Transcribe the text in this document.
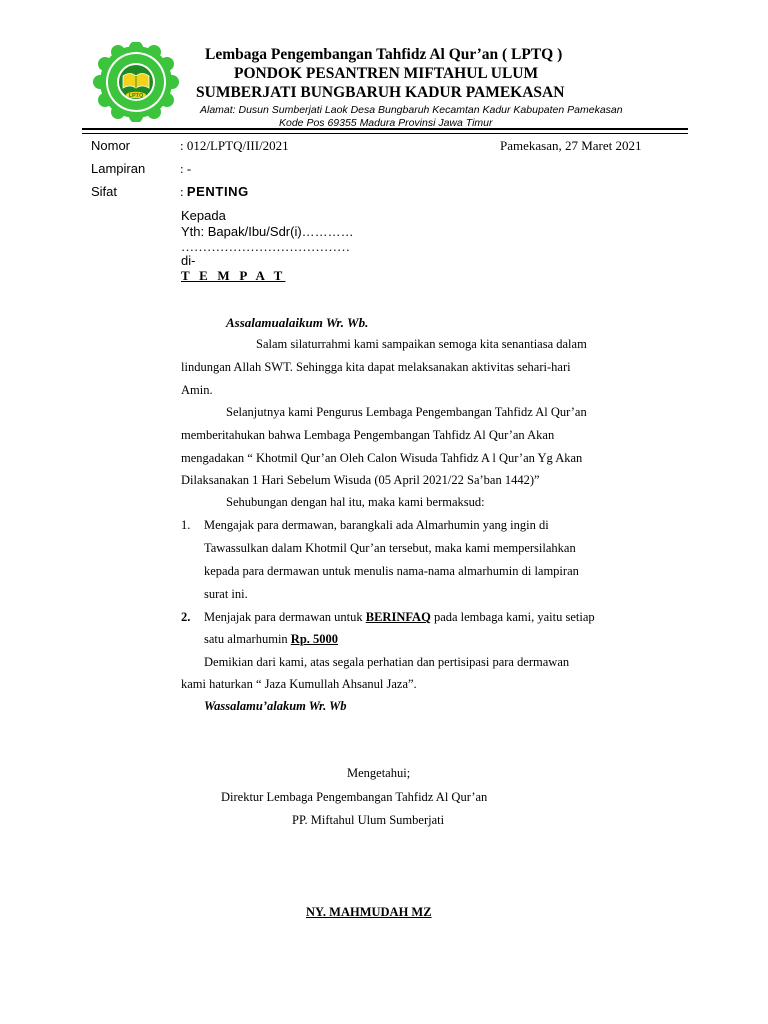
LPTQ
Lembaga Pengembangan Tahfidz Al Qur’an ( LPTQ )
PONDOK PESANTREN MIFTAHUL ULUM
SUMBERJATI BUNGBARUH KADUR PAMEKASAN
Alamat: Dusun Sumberjati Laok Desa Bungbaruh Kecamtan Kadur Kabupaten Pamekasan
Kode Pos 69355 Madura Provinsi Jawa Timur
Nomor	: 012/LPTQ/III/2021	Pamekasan, 27 Maret 2021
Lampiran	: -
Sifat	: PENTING
Kepada
Yth: Bapak/Ibu/Sdr(i)…………
…………………………………
di-
T E M P A T
Assalamualaikum Wr. Wb.
Salam silaturrahmi kami sampaikan semoga kita senantiasa dalam
lindungan Allah SWT. Sehingga kita dapat melaksanakan aktivitas sehari-hari
Amin.
Selanjutnya kami Pengurus Lembaga Pengembangan Tahfidz Al Qur’an
memberitahukan bahwa Lembaga Pengembangan Tahfidz Al Qur’an Akan
mengadakan “ Khotmil Qur’an Oleh Calon Wisuda Tahfidz A l Qur’an Yg Akan
Dilaksanakan 1 Hari Sebelum Wisuda (05 April 2021/22 Sa’ban 1442)”
Sehubungan dengan hal itu, maka kami bermaksud:
1. Mengajak para dermawan, barangkali ada Almarhumin yang ingin di
Tawassulkan dalam Khotmil Qur’an tersebut, maka kami mempersilahkan
kepada para dermawan untuk menulis nama-nama almarhumin di lampiran
surat ini.
2. Menjajak para dermawan untuk BERINFAQ pada lembaga kami, yaitu setiap
satu almarhumin Rp. 5000
Demikian dari kami, atas segala perhatian dan pertisipasi para dermawan
kami haturkan “ Jaza Kumullah Ahsanul Jaza”.
Wassalamu’alakum Wr. Wb
Mengetahui;
Direktur Lembaga Pengembangan Tahfidz Al Qur’an
PP. Miftahul Ulum Sumberjati
NY. MAHMUDAH MZ
